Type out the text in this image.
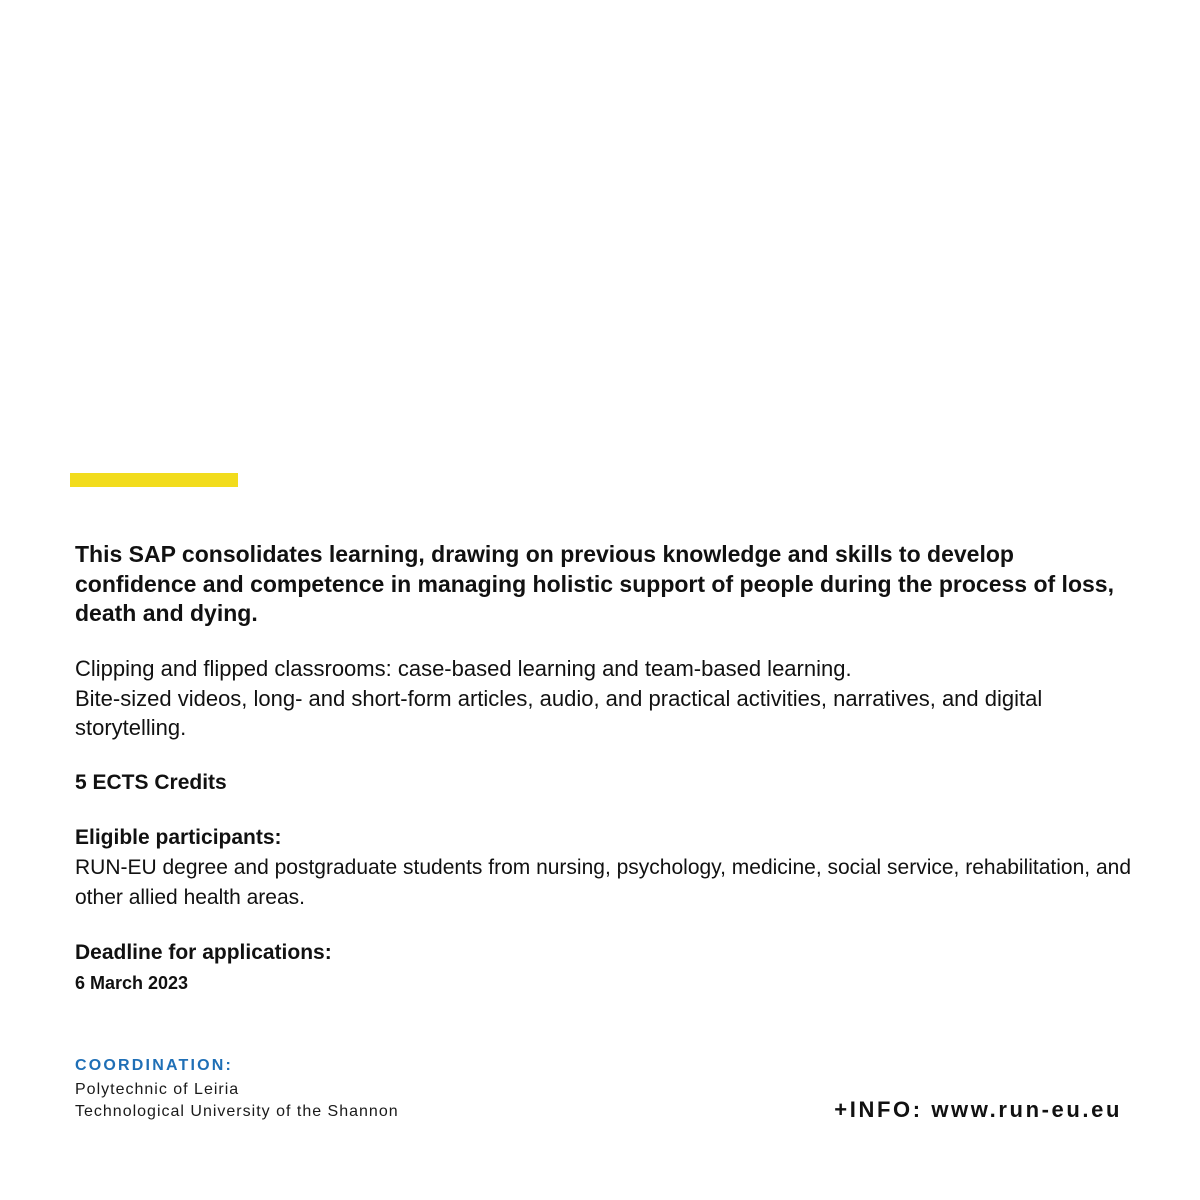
This SAP consolidates learning, drawing on previous knowledge and skills to develop confidence and competence in managing holistic support of people during the process of loss, death and dying.

Clipping and flipped classrooms: case-based learning and team-based learning.
Bite-sized videos, long- and short-form articles, audio, and practical activities, narratives, and digital storytelling.

5 ECTS Credits

Eligible participants:

RUN-EU degree and postgraduate students from nursing, psychology, medicine, social service, rehabilitation, and other allied health areas.

Deadline for applications:

6 March 2023

COORDINATION:

Polytechnic of Leiria

Technological University of the Shannon	+INFO: www.run-eu.eu
